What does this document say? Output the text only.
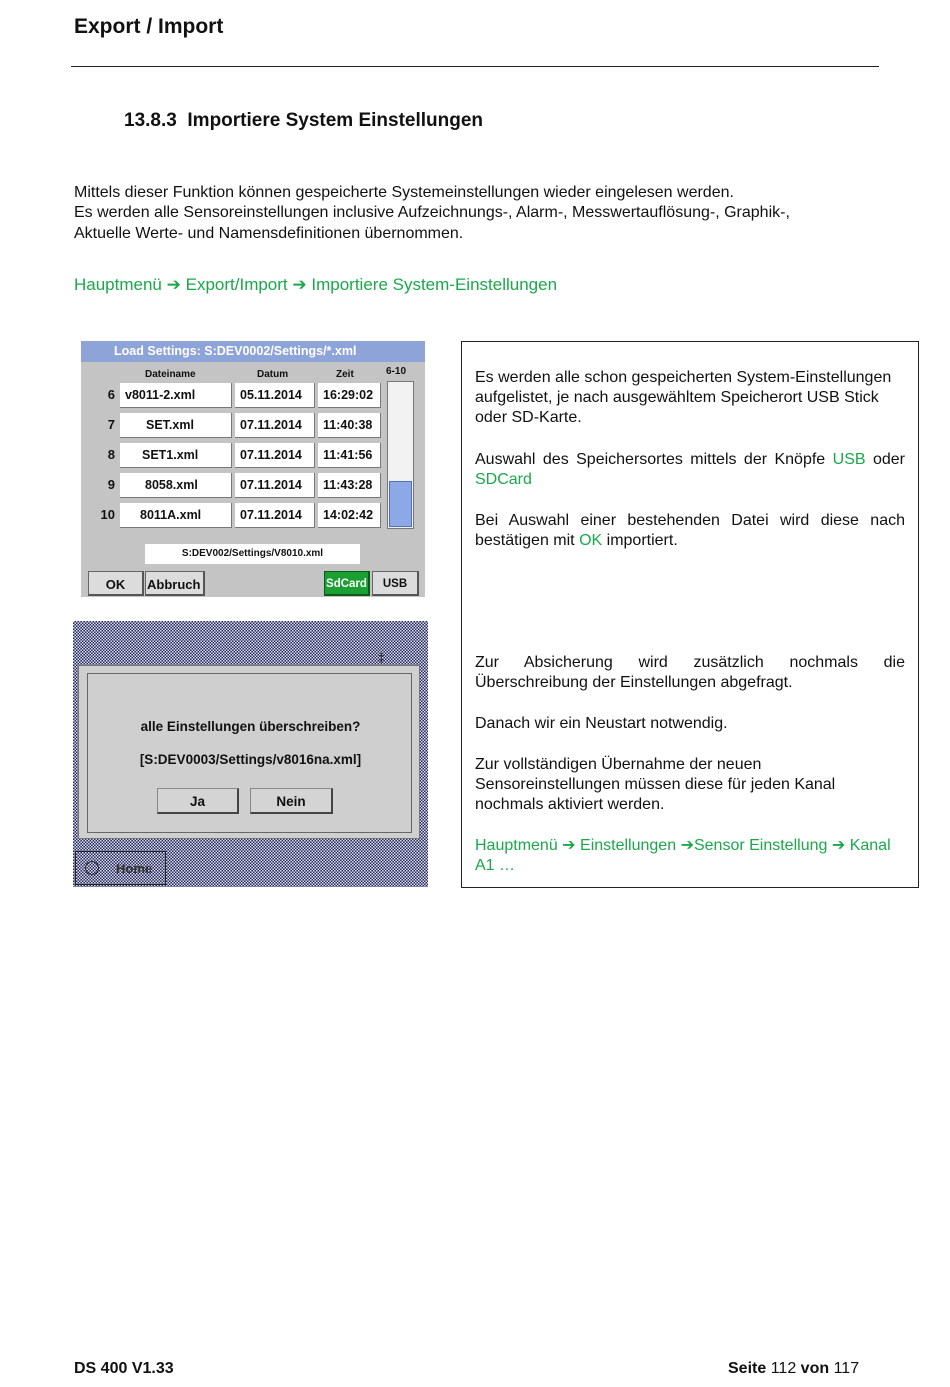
Export / Import
13.8.3 Importiere System Einstellungen
Mittels dieser Funktion können gespeicherte Systemeinstellungen wieder eingelesen werden.
Es werden alle Sensoreinstellungen inclusive Aufzeichnungs-, Alarm-, Messwertauflösung-, Graphik-,
Aktuelle Werte- und Namensdefinitionen übernommen.
Hauptmenü ➔ Export/Import ➔ Importiere System-Einstellungen
Load Settings: S:DEV0002/Settings/*.xml
Dateiname	Datum	Zeit
6 v8011-2.xml	05.11.2014	16:29:02
7	SET.xml	07.11.2014	11:40:38
8	SET1.xml	07.11.2014	11:41:56
9	8058.xml	07.11.2014	11:43:28
10	8011A.xml	07.11.2014	14:02:42
6-10
S:DEV002/Settings/V8010.xml
OK	Abbruch	SdCard	USB
‡
alle Einstellungen überschreiben?
[S:DEV0003/Settings/v8016na.xml]
Ja	Nein
Home
Es werden alle schon gespeicherten System-Einstellungen aufgelistet, je nach ausgewähltem Speicherort USB Stick oder SD-Karte.
Auswahl des Speichersortes mittels der Knöpfe USB oder SDCard
Bei Auswahl einer bestehenden Datei wird diese nach bestätigen mit OK importiert.
Zur Absicherung wird zusätzlich nochmals die Überschreibung der Einstellungen abgefragt.
Danach wir ein Neustart notwendig.
Zur vollständigen Übernahme der neuen Sensoreinstellungen müssen diese für jeden Kanal nochmals aktiviert werden.
Hauptmenü ➔ Einstellungen ➔Sensor Einstellung ➔ Kanal A1 …
DS 400 V1.33	Seite 112 von 117
